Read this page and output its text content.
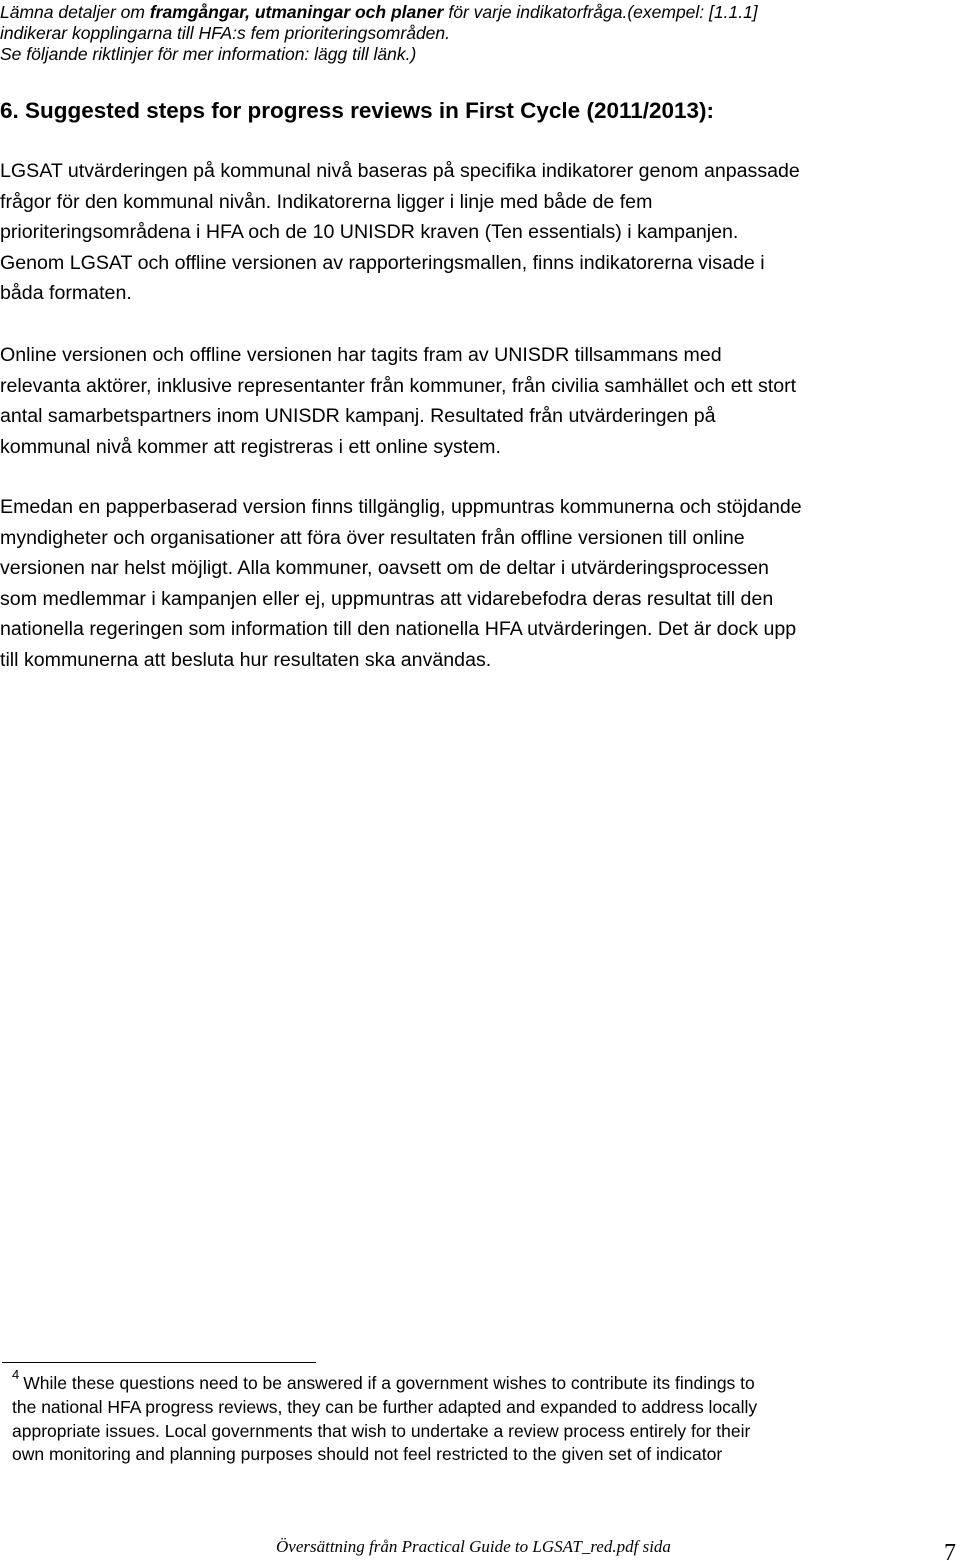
Lämna detaljer om framgångar, utmaningar och planer för varje indikatorfråga.(exempel: [1.1.1]
indikerar kopplingarna till HFA:s fem prioriteringsområden.
Se följande riktlinjer för mer information: lägg till länk.)
6. Suggested steps for progress reviews in First Cycle (2011/2013):
LGSAT utvärderingen på kommunal nivå baseras på specifika indikatorer genom anpassade
frågor för den kommunal nivån. Indikatorerna ligger i linje med både de fem
prioriteringsområdena i HFA och de 10 UNISDR kraven (Ten essentials) i kampanjen.
Genom LGSAT och offline versionen av rapporteringsmallen, finns indikatorerna visade i
båda formaten.
Online versionen och offline versionen har tagits fram av UNISDR tillsammans med
relevanta aktörer, inklusive representanter från kommuner, från civilia samhället och ett stort
antal samarbetspartners inom UNISDR kampanj. Resultated från utvärderingen på
kommunal nivå kommer att registreras i ett online system.
Emedan en papperbaserad version finns tillgänglig, uppmuntras kommunerna och stöjdande
myndigheter och organisationer att föra över resultaten från offline versionen till online
versionen nar helst möjligt. Alla kommuner, oavsett om de deltar i utvärderingsprocessen
som medlemmar i kampanjen eller ej, uppmuntras att vidarebefodra deras resultat till den
nationella regeringen som information till den nationella HFA utvärderingen. Det är dock upp
till kommunerna att besluta hur resultaten ska användas.
$^4$ While these questions need to be answered if a government wishes to contribute its findings to
the national HFA progress reviews, they can be further adapted and expanded to address locally
appropriate issues. Local governments that wish to undertake a review process entirely for their
own monitoring and planning purposes should not feel restricted to the given set of indicator
Översättning från Practical Guide to LGSAT_red.pdf sida	7
